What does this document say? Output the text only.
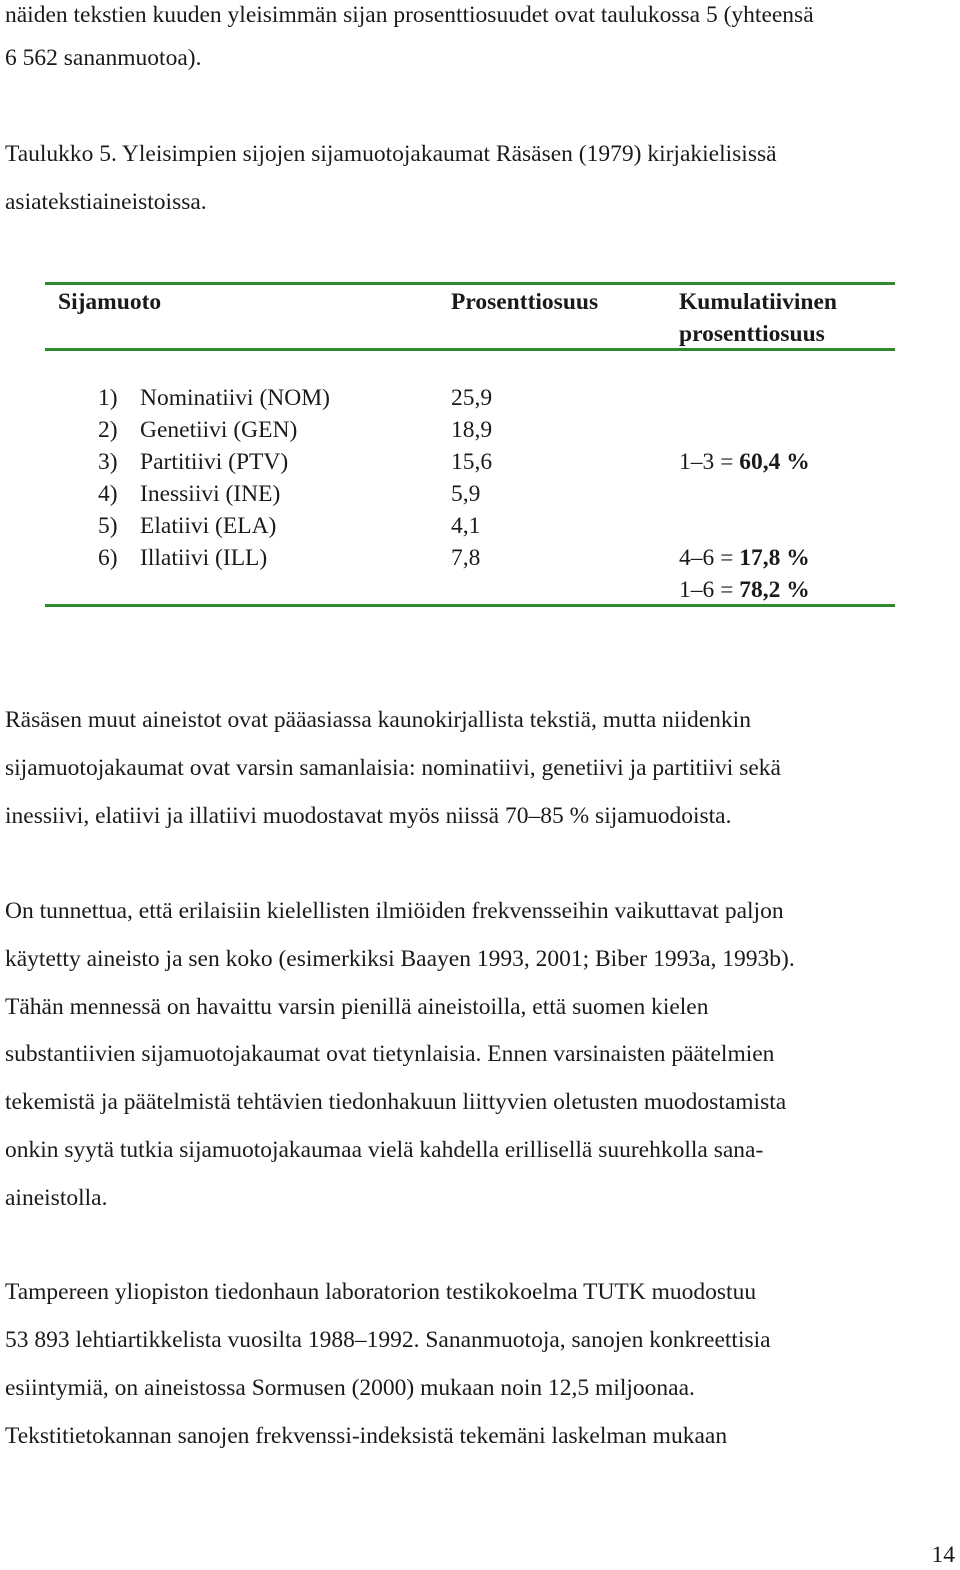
näiden tekstien kuuden yleisimmän sijan prosenttiosuudet ovat taulukossa 5 (yhteensä
6 562 sananmuotoa).
Taulukko 5. Yleisimpien sijojen sijamuotojakaumat Räsäsen (1979) kirjakielisissä
asiatekstiaineistoissa.
Sijamuoto	Prosenttiosuus	Kumulatiivinen
prosenttiosuus
1) Nominatiivi (NOM)	25,9
2) Genetiivi (GEN)	18,9
3) Partitiivi (PTV)	15,6	1–3 = 60,4 %
4) Inessiivi (INE)	5,9
5) Elatiivi (ELA)	4,1
6) Illatiivi (ILL)	7,8	4–6 = 17,8 %
1–6 = 78,2 %
Räsäsen muut aineistot ovat pääasiassa kaunokirjallista tekstiä, mutta niidenkin
sijamuotojakaumat ovat varsin samanlaisia: nominatiivi, genetiivi ja partitiivi sekä
inessiivi, elatiivi ja illatiivi muodostavat myös niissä 70–85 % sijamuodoista.
On tunnettua, että erilaisiin kielellisten ilmiöiden frekvensseihin vaikuttavat paljon
käytetty aineisto ja sen koko (esimerkiksi Baayen 1993, 2001; Biber 1993a, 1993b).
Tähän mennessä on havaittu varsin pienillä aineistoilla, että suomen kielen
substantiivien sijamuotojakaumat ovat tietynlaisia. Ennen varsinaisten päätelmien
tekemistä ja päätelmistä tehtävien tiedonhakuun liittyvien oletusten muodostamista
onkin syytä tutkia sijamuotojakaumaa vielä kahdella erillisellä suurehkolla sana-
aineistolla.
Tampereen yliopiston tiedonhaun laboratorion testikokoelma TUTK muodostuu
53 893 lehtiartikkelista vuosilta 1988–1992. Sananmuotoja, sanojen konkreettisia
esiintymiä, on aineistossa Sormusen (2000) mukaan noin 12,5 miljoonaa.
Tekstitietokannan sanojen frekvenssi-indeksistä tekemäni laskelman mukaan
14
